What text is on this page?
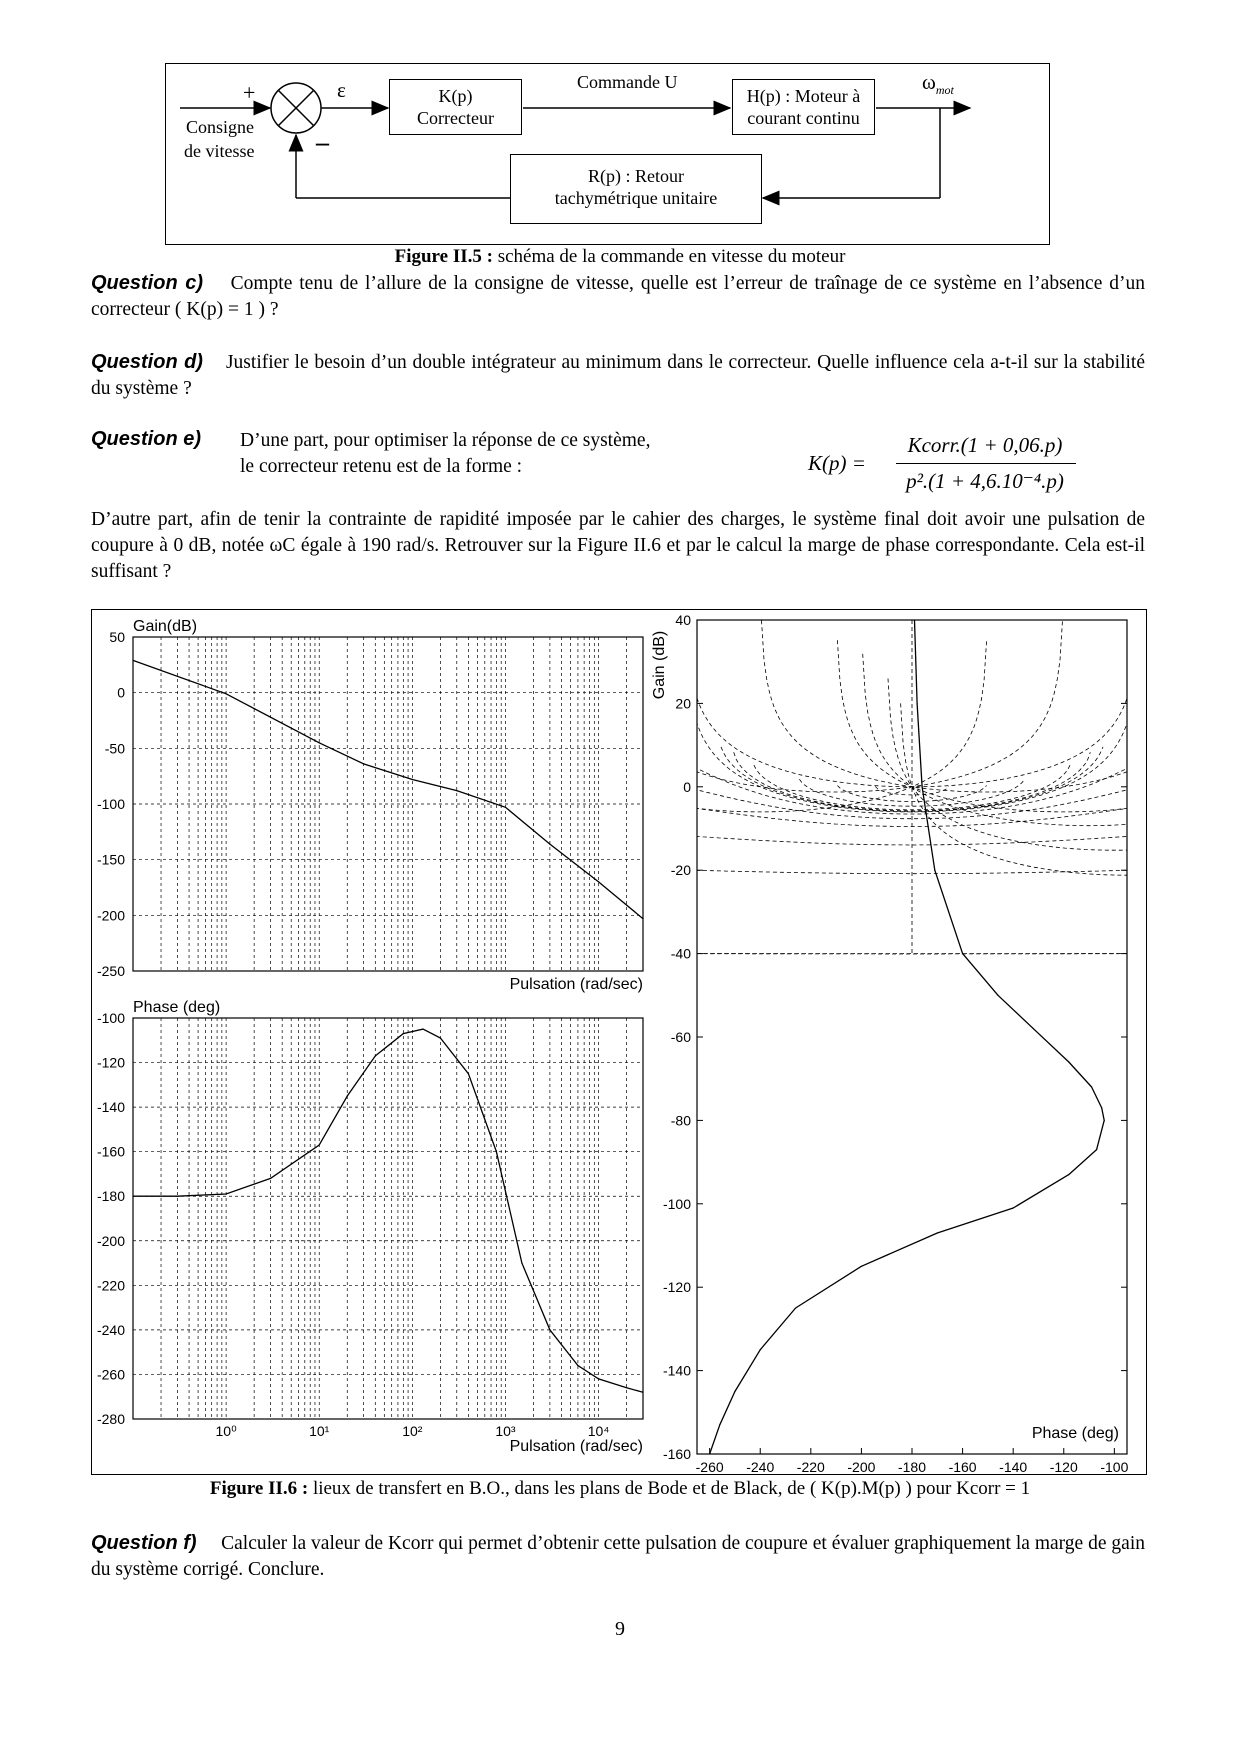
+
–
ε
Consigne
de vitesse
K(p)
Correcteur
Commande U
H(p) : Moteur à
courant continu
$\omega_{mot}$
R(p) : Retour
tachymétrique unitaire
Figure II.5 : schéma de la commande en vitesse du moteur
Question c) Compte tenu de l’allure de la consigne de vitesse, quelle est l’erreur de traînage de ce système en l’absence d’un correcteur ( K(p) = 1 ) ?
Question d) Justifier le besoin d’un double intégrateur au minimum dans le correcteur. Quelle influence cela a-t-il sur la stabilité du système ?
Question e) D’une part, pour optimiser la réponse de ce système,
le correcteur retenu est de la forme :	K(p) =
Kcorr.(1 + 0,06.p)
p².(1 + 4,6.10⁻⁴.p)
D’autre part, afin de tenir la contrainte de rapidité imposée par le cahier des charges, le système final doit avoir une pulsation de coupure à 0 dB, notée ωC égale à 190 rad/s. Retrouver sur la Figure II.6 et par le calcul la marge de phase correspondante. Cela est-il suffisant ?
50
0
-50
-100
-150
-200
-250
Gain(dB)
Pulsation (rad/sec)
-100
-120
-140
-160
-180
-200
-220
-240
-260
-280
10⁰	10¹	10²	10³	10⁴
Phase (deg)
Pulsation (rad/sec)
40
20
0
-20
-40
-60
-80
-100
-120
-140
-160
-260 -240 -220 -200 -180 -160 -140 -120 -100
Gain (dB)
Phase (deg)
Figure II.6 : lieux de transfert en B.O., dans les plans de Bode et de Black, de ( K(p).M(p) ) pour Kcorr = 1
Question f) Calculer la valeur de Kcorr qui permet d’obtenir cette pulsation de coupure et évaluer graphiquement la marge de gain du système corrigé. Conclure.
9
